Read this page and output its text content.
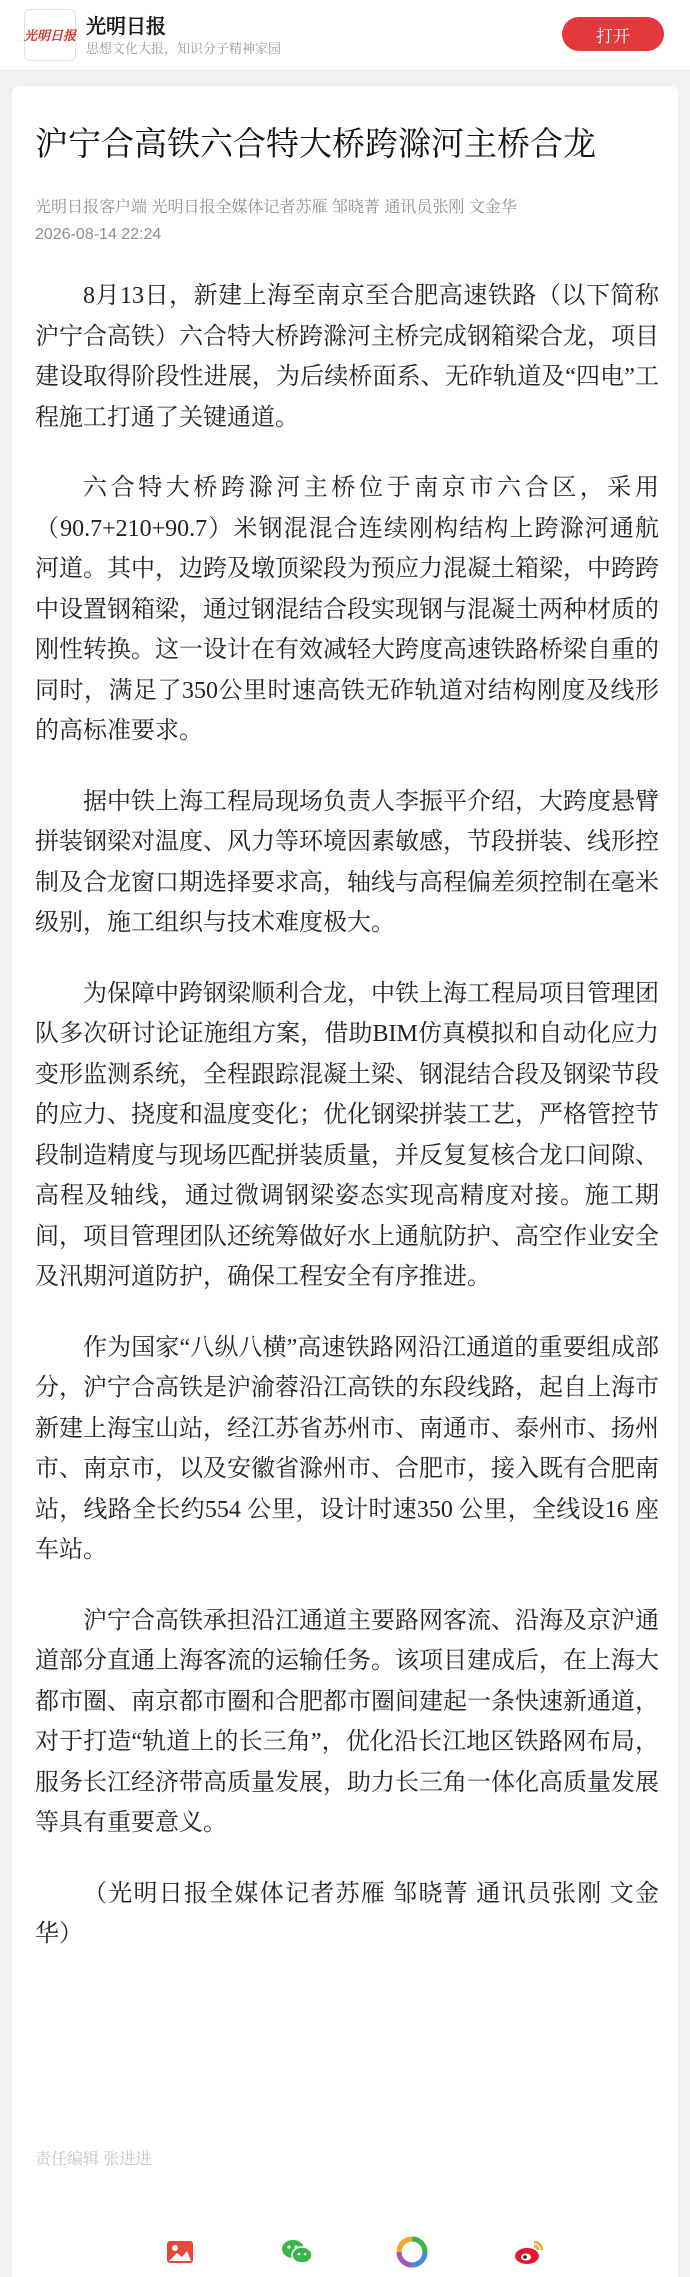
光明日报 光明日报
思想文化大报，知识分子精神家园
打开
沪宁合高铁六合特大桥跨滁河主桥合龙
光明日报客户端 光明日报全媒体记者苏雁 邹晓菁 通讯员张刚 文金华
2026-08-14 22:24

8月13日，新建上海至南京至合肥高速铁路（以下简称沪宁合高铁）六合特大桥跨滁河主桥完成钢箱梁合龙，项目建设取得阶段性进展，为后续桥面系、无砟轨道及“四电”工程施工打通了关键通道。

六合特大桥跨滁河主桥位于南京市六合区，采用（90.7+210+90.7）米钢混混合连续刚构结构上跨滁河通航河道。其中，边跨及墩顶梁段为预应力混凝土箱梁，中跨跨中设置钢箱梁，通过钢混结合段实现钢与混凝土两种材质的刚性转换。这一设计在有效减轻大跨度高速铁路桥梁自重的同时，满足了350公里时速高铁无砟轨道对结构刚度及线形的高标准要求。

据中铁上海工程局现场负责人李振平介绍，大跨度悬臂拼装钢梁对温度、风力等环境因素敏感，节段拼装、线形控制及合龙窗口期选择要求高，轴线与高程偏差须控制在毫米级别，施工组织与技术难度极大。

为保障中跨钢梁顺利合龙，中铁上海工程局项目管理团队多次研讨论证施组方案，借助BIM仿真模拟和自动化应力变形监测系统，全程跟踪混凝土梁、钢混结合段及钢梁节段的应力、挠度和温度变化；优化钢梁拼装工艺，严格管控节段制造精度与现场匹配拼装质量，并反复复核合龙口间隙、高程及轴线，通过微调钢梁姿态实现高精度对接。施工期间，项目管理团队还统筹做好水上通航防护、高空作业安全及汛期河道防护，确保工程安全有序推进。

作为国家“八纵八横”高速铁路网沿江通道的重要组成部分，沪宁合高铁是沪渝蓉沿江高铁的东段线路，起自上海市新建上海宝山站，经江苏省苏州市、南通市、泰州市、扬州市、南京市，以及安徽省滁州市、合肥市，接入既有合肥南站，线路全长约554 公里，设计时速350 公里，全线设16 座车站。

沪宁合高铁承担沿江通道主要路网客流、沿海及京沪通道部分直通上海客流的运输任务。该项目建成后，在上海大都市圈、南京都市圈和合肥都市圈间建起一条快速新通道，对于打造“轨道上的长三角”，优化沿长江地区铁路网布局，服务长江经济带高质量发展，助力长三角一体化高质量发展等具有重要意义。

（光明日报全媒体记者苏雁 邹晓菁 通讯员张刚 文金华）

责任编辑 张进进
